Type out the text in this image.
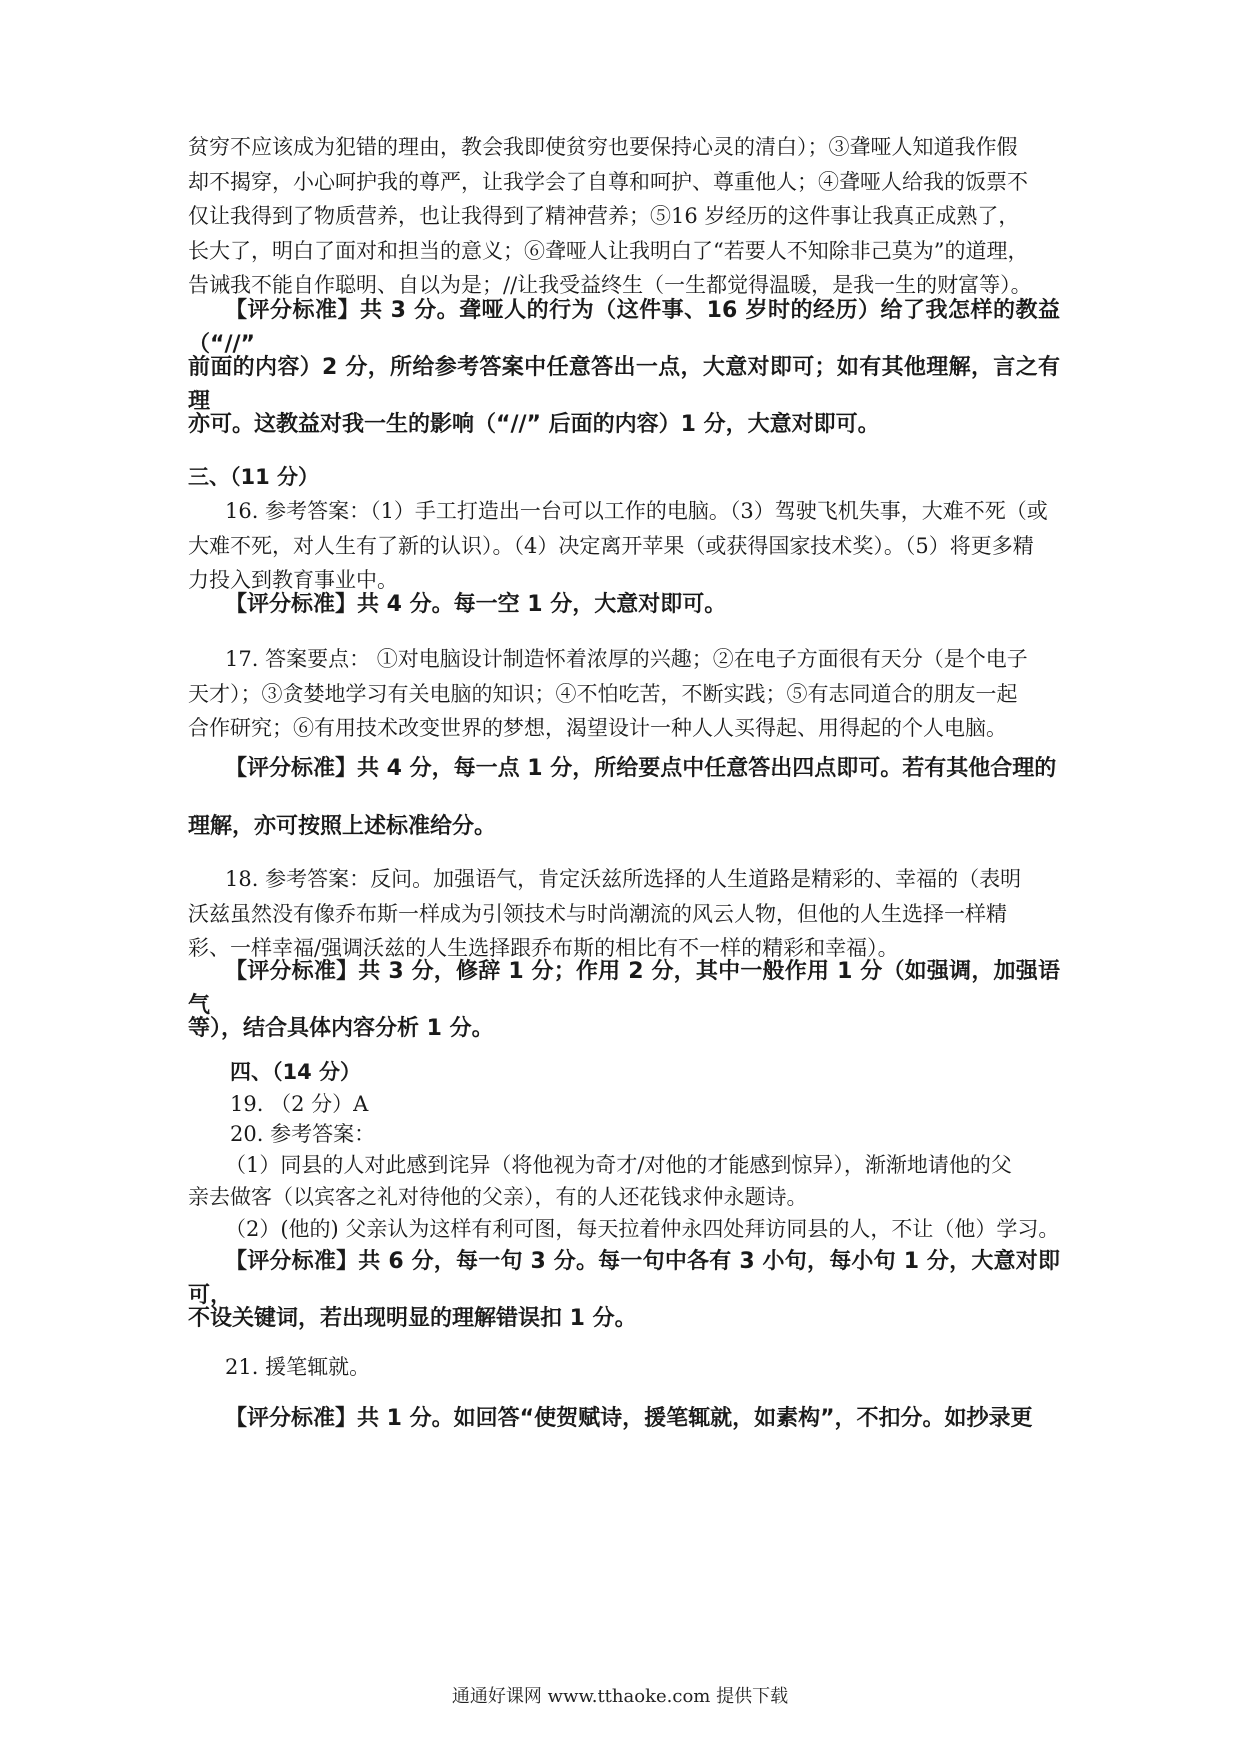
贫穷不应该成为犯错的理由，教会我即使贫穷也要保持心灵的清白）；③聋哑人知道我作假

却不揭穿，小心呵护我的尊严，让我学会了自尊和呵护、尊重他人；④聋哑人给我的饭票不

仅让我得到了物质营养，也让我得到了精神营养；⑤16 岁经历的这件事让我真正成熟了，

长大了，明白了面对和担当的意义；⑥聋哑人让我明白了“若要人不知除非己莫为”的道理，

告诫我不能自作聪明、自以为是；//让我受益终生（一生都觉得温暖，是我一生的财富等）。

【评分标准】共 3 分。聋哑人的行为（这件事、16 岁时的经历）给了我怎样的教益（“//”

前面的内容）2 分，所给参考答案中任意答出一点，大意对即可；如有其他理解，言之有理

亦可。这教益对我一生的影响（“//” 后面的内容）1 分，大意对即可。

三、（11 分）

16. 参考答案：（1）手工打造出一台可以工作的电脑。（3）驾驶飞机失事，大难不死（或

大难不死，对人生有了新的认识）。（4）决定离开苹果（或获得国家技术奖）。（5）将更多精

力投入到教育事业中。

【评分标准】共 4 分。每一空 1 分，大意对即可。

17. 答案要点： ①对电脑设计制造怀着浓厚的兴趣；②在电子方面很有天分（是个电子

天才）；③贪婪地学习有关电脑的知识；④不怕吃苦，不断实践；⑤有志同道合的朋友一起

合作研究；⑥有用技术改变世界的梦想，渴望设计一种人人买得起、用得起的个人电脑。

【评分标准】共 4 分，每一点 1 分，所给要点中任意答出四点即可。若有其他合理的

理解，亦可按照上述标准给分。

18. 参考答案：反问。加强语气，肯定沃兹所选择的人生道路是精彩的、幸福的（表明

沃兹虽然没有像乔布斯一样成为引领技术与时尚潮流的风云人物，但他的人生选择一样精

彩、一样幸福/强调沃兹的人生选择跟乔布斯的相比有不一样的精彩和幸福）。

【评分标准】共 3 分，修辞 1 分；作用 2 分，其中一般作用 1 分（如强调，加强语气

等），结合具体内容分析 1 分。

四、（14 分）

19. （2 分）A

20. 参考答案：

（1）同县的人对此感到诧异（将他视为奇才/对他的才能感到惊异），渐渐地请他的父

亲去做客（以宾客之礼对待他的父亲），有的人还花钱求仲永题诗。

（2）(他的) 父亲认为这样有利可图，每天拉着仲永四处拜访同县的人，不让（他）学习。

【评分标准】共 6 分，每一句 3 分。每一句中各有 3 小句，每小句 1 分，大意对即可，

不设关键词，若出现明显的理解错误扣 1 分。

21. 援笔辄就。

【评分标准】共 1 分。如回答“使贺赋诗，援笔辄就，如素构”，不扣分。如抄录更

通通好课网 www.tthaoke.com 提供下载
